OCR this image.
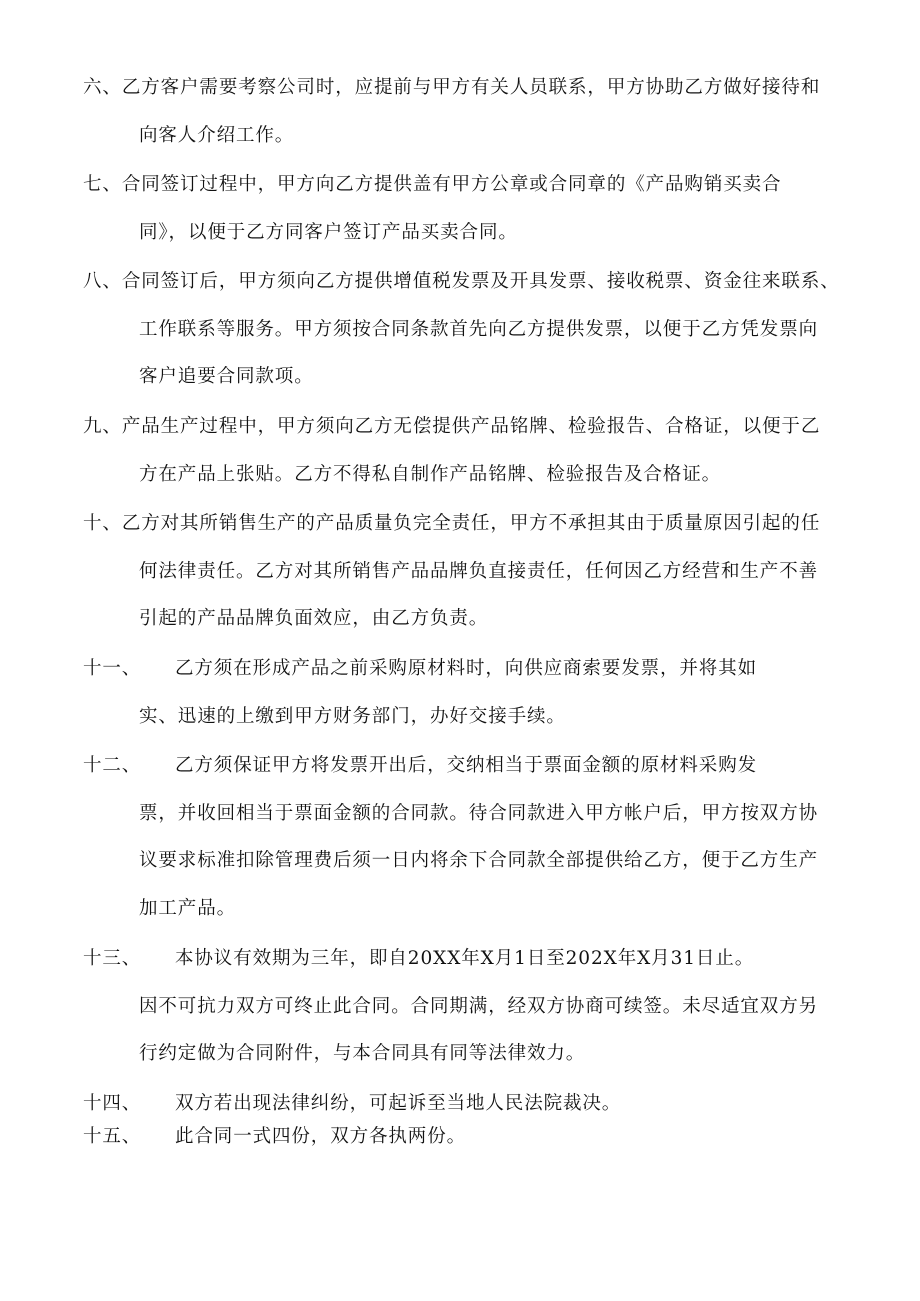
六、乙方客户需要考察公司时，应提前与甲方有关人员联系，甲方协助乙方做好接待和
向客人介绍工作。
七、合同签订过程中，甲方向乙方提供盖有甲方公章或合同章的《产品购销买卖合
同》，以便于乙方同客户签订产品买卖合同。
八、合同签订后，甲方须向乙方提供增值税发票及开具发票、接收税票、资金往来联系、
工作联系等服务。甲方须按合同条款首先向乙方提供发票，以便于乙方凭发票向
客户追要合同款项。
九、产品生产过程中，甲方须向乙方无偿提供产品铭牌、检验报告、合格证，以便于乙
方在产品上张贴。乙方不得私自制作产品铭牌、检验报告及合格证。
十、乙方对其所销售生产的产品质量负完全责任，甲方不承担其由于质量原因引起的任
何法律责任。乙方对其所销售产品品牌负直接责任，任何因乙方经营和生产不善
引起的产品品牌负面效应，由乙方负责。
十一、 乙方须在形成产品之前采购原材料时，向供应商索要发票，并将其如
实、迅速的上缴到甲方财务部门，办好交接手续。
十二、 乙方须保证甲方将发票开出后，交纳相当于票面金额的原材料采购发
票，并收回相当于票面金额的合同款。待合同款进入甲方帐户后，甲方按双方协
议要求标准扣除管理费后须一日内将余下合同款全部提供给乙方，便于乙方生产
加工产品。
十三、 本协议有效期为三年，即自20XX年X月1日至202X年X月31日止。
因不可抗力双方可终止此合同。合同期满，经双方协商可续签。未尽适宜双方另
行约定做为合同附件，与本合同具有同等法律效力。
十四、 双方若出现法律纠纷，可起诉至当地人民法院裁决。
十五、 此合同一式四份，双方各执两份。
